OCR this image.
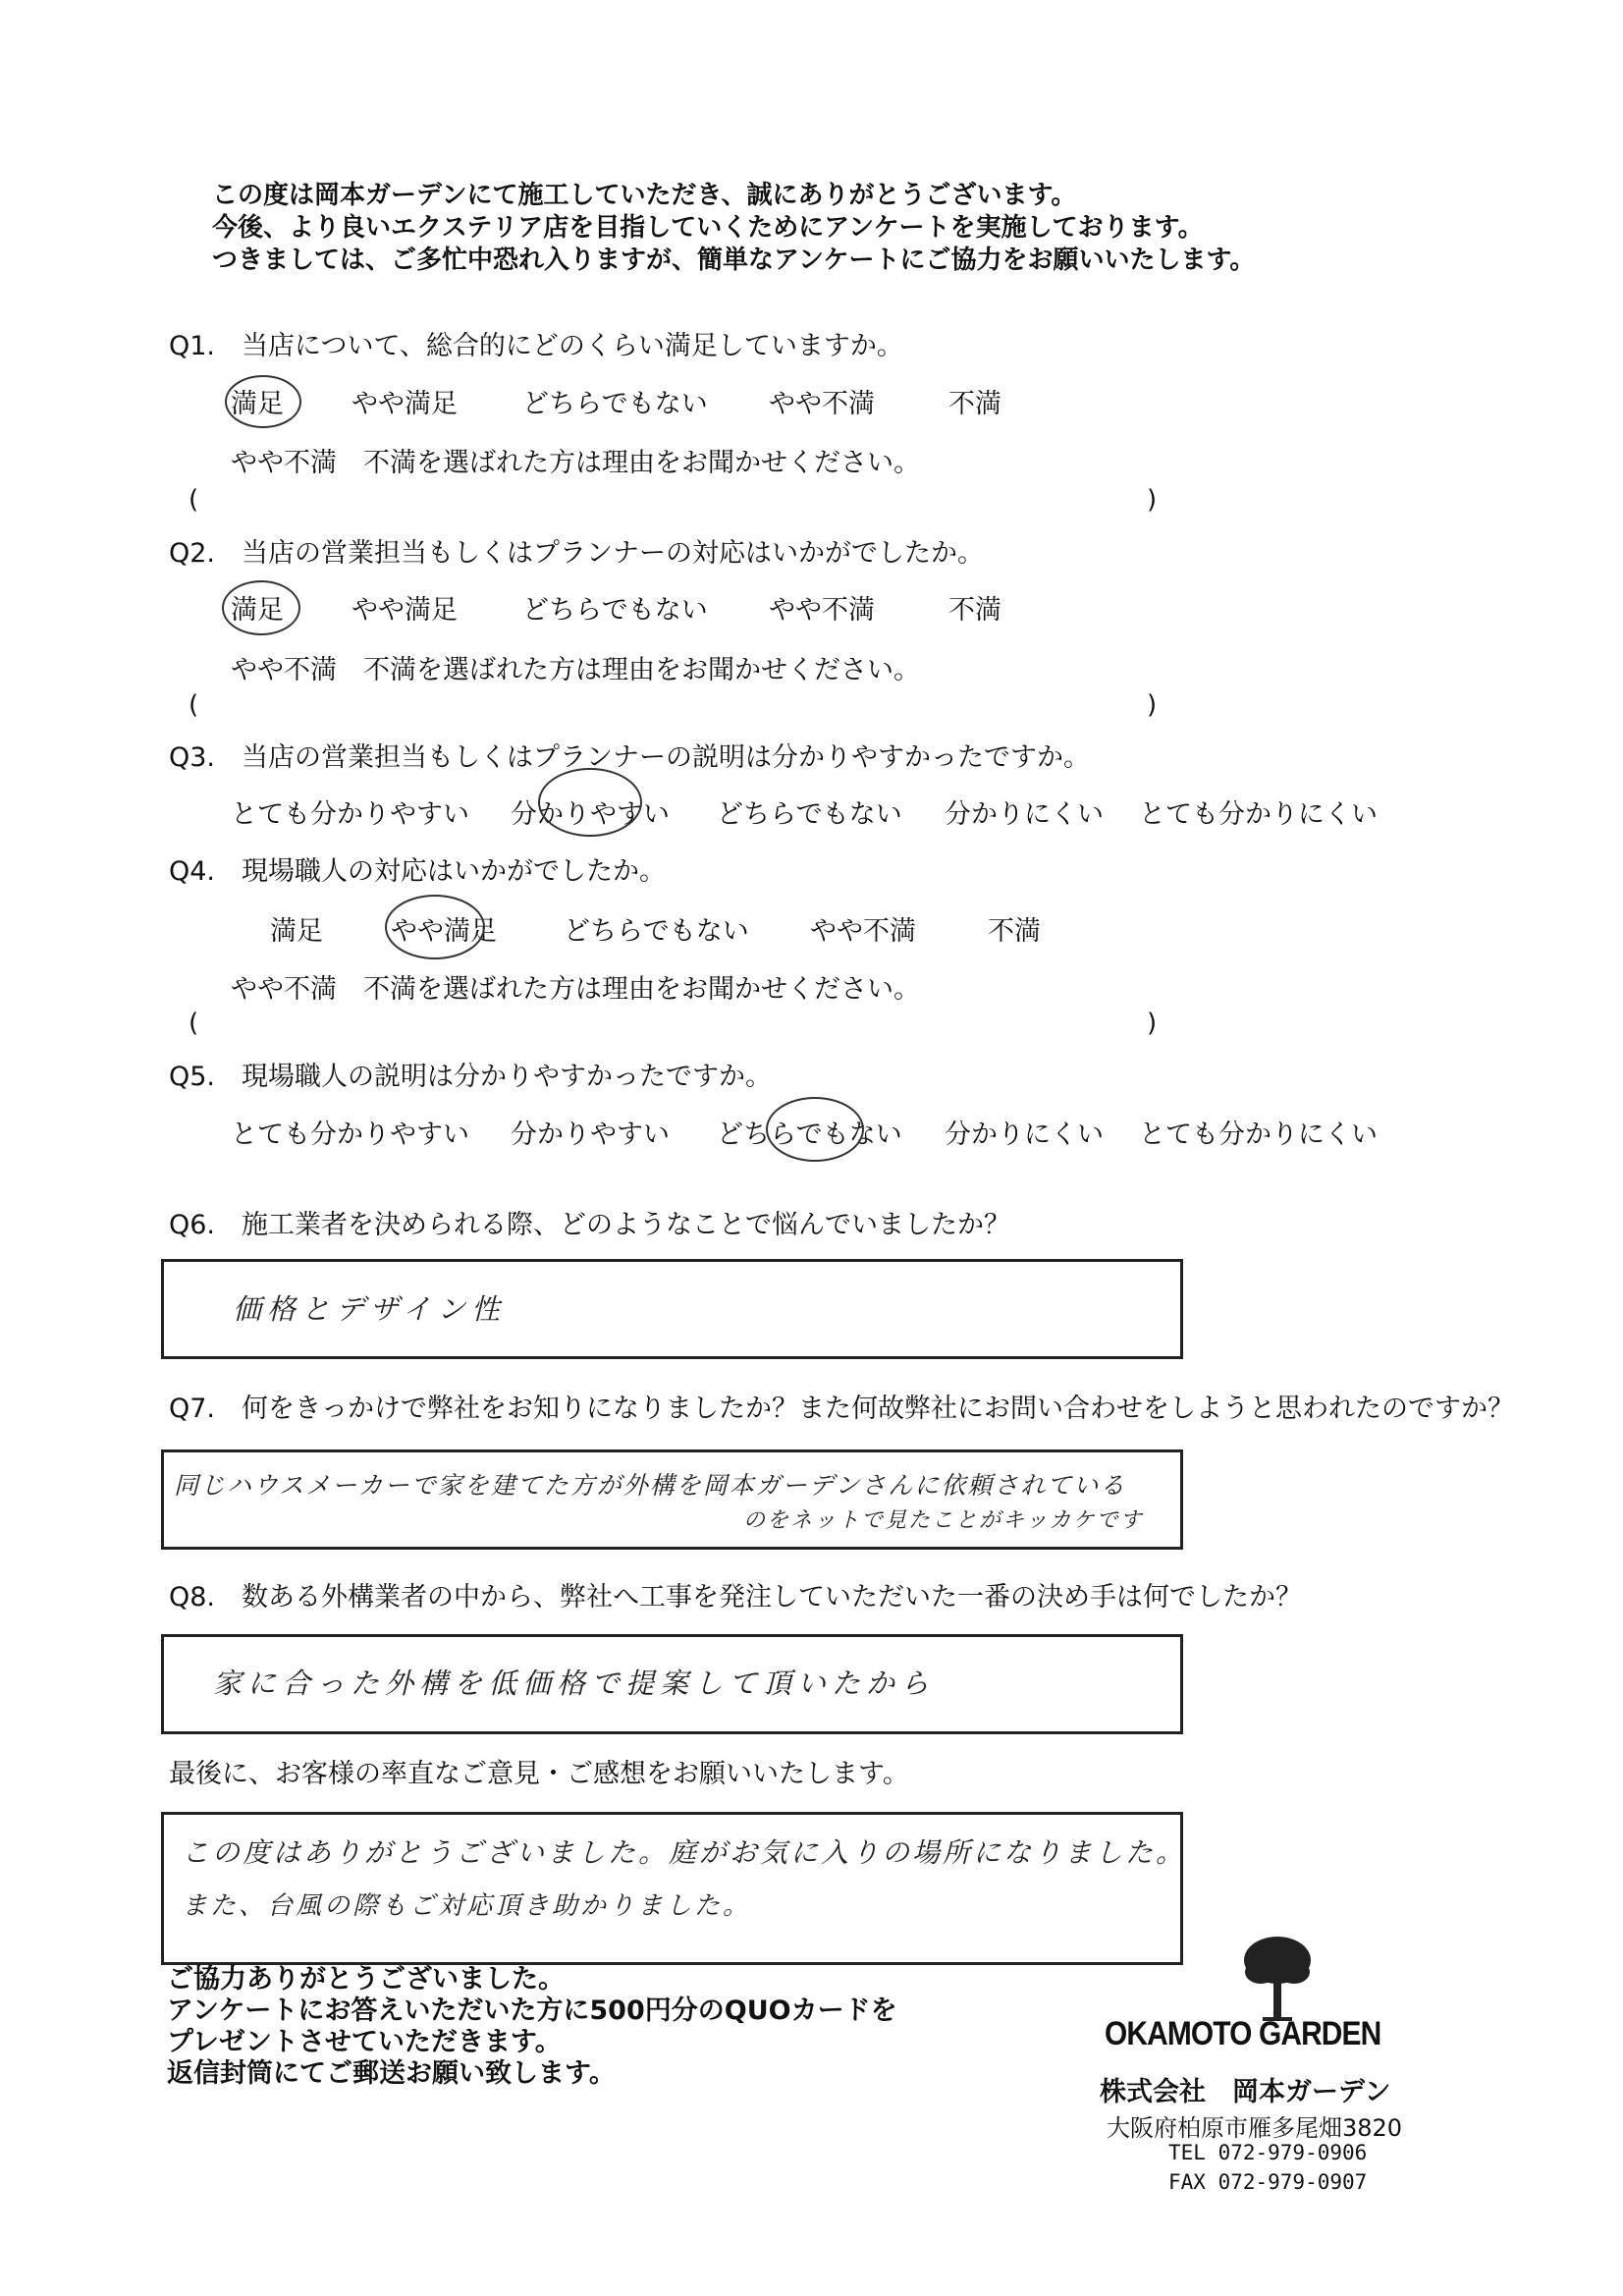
この度は岡本ガーデンにて施工していただき、誠にありがとうございます。
今後、より良いエクステリア店を目指していくためにアンケートを実施しております。
つきましては、ご多忙中恐れ入りますが、簡単なアンケートにご協力をお願いいたします。
Q1.　当店について、総合的にどのくらい満足していますか。
満足	やや満足 どちらでもない やや不満	不満
やや不満　不満を選ばれた方は理由をお聞かせください。
(	)
Q2.　当店の営業担当もしくはプランナーの対応はいかがでしたか。
満足	やや満足 どちらでもない やや不満	不満
やや不満　不満を選ばれた方は理由をお聞かせください。
(	)
Q3.　当店の営業担当もしくはプランナーの説明は分かりやすかったですか。
とても分かりやすい 分かりやすい どちらでもない 分かりにくい とても分かりにくい
Q4.　現場職人の対応はいかがでしたか。
満足	やや満足	どちらでもない やや不満	不満
やや不満　不満を選ばれた方は理由をお聞かせください。
(	)
Q5.　現場職人の説明は分かりやすかったですか。
とても分かりやすい 分かりやすい どちらでもない 分かりにくい とても分かりにくい
Q6.　施工業者を決められる際、どのようなことで悩んでいましたか？
価格とデザイン性
Q7.　何をきっかけで弊社をお知りになりましたか？また何故弊社にお問い合わせをしようと思われたのですか？
同じハウスメーカーで家を建てた方が外構を岡本ガーデンさんに依頼されている
のをネットで見たことがキッカケです
Q8.　数ある外構業者の中から、弊社へ工事を発注していただいた一番の決め手は何でしたか？
家に合った外構を低価格で提案して頂いたから
最後に、お客様の率直なご意見・ご感想をお願いいたします。
この度はありがとうございました。庭がお気に入りの場所になりました。
また、台風の際もご対応頂き助かりました。
ご協力ありがとうございました。
アンケートにお答えいただいた方に500円分のQUOカードを
プレゼントさせていただきます。
返信封筒にてご郵送お願い致します。
OKAMOTO GARDEN
株式会社　岡本ガーデン
大阪府柏原市雁多尾畑3820
TEL 072-979-0906
FAX 072-979-0907
